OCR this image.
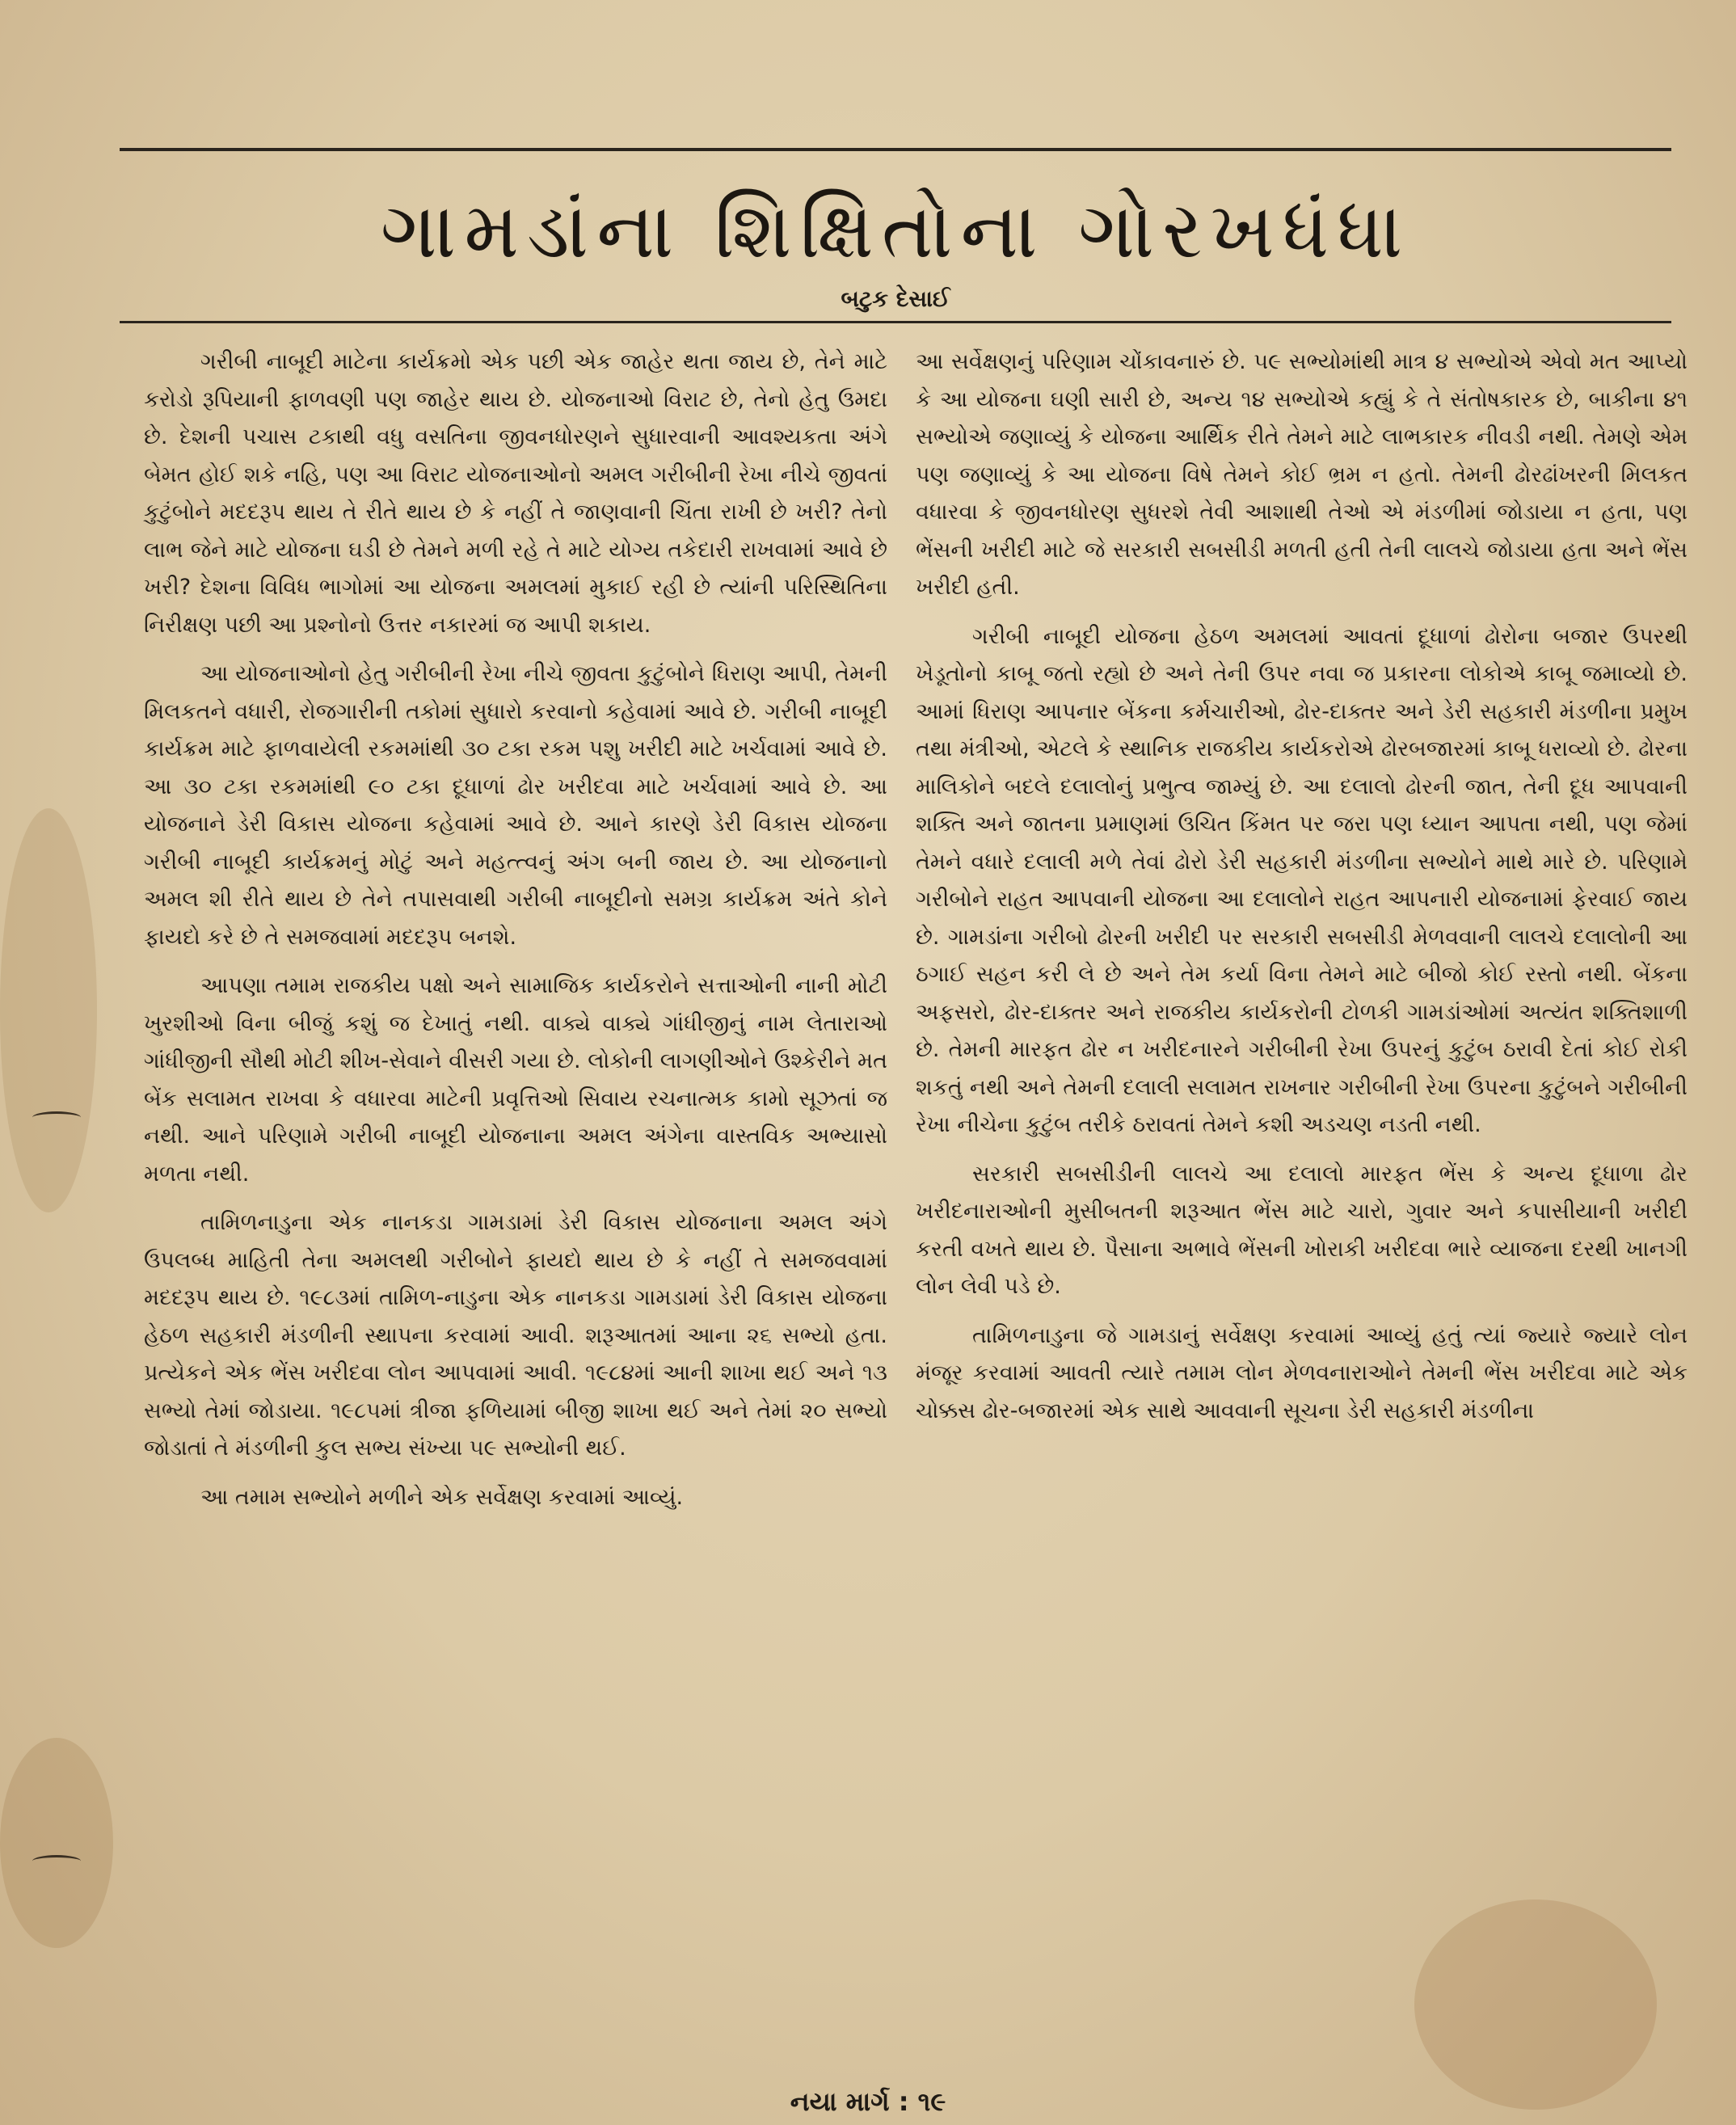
ગામડાંના શિક્ષિતોના ગોરખધંધા
બટુક દેસાઈ

ગરીબી નાબૂદી માટેના કાર્યક્રમો એક પછી એક જાહેર થતા જાય છે, તેને માટે કરોડો રૂપિયાની ફાળવણી પણ જાહેર થાય છે. યોજનાઓ વિરાટ છે, તેનો હેતુ ઉમદા છે. દેશની પચાસ ટકાથી વધુ વસતિના જીવનધોરણને સુધારવાની આવશ્યકતા અંગે બેમત હોઈ શકે નહિ, પણ આ વિરાટ યોજનાઓનો અમલ ગરીબીની રેખા નીચે જીવતાં કુટુંબોને મદદરૂપ થાય તે રીતે થાય છે કે નહીં તે જાણવાની ચિંતા રાખી છે ખરી? તેનો લાભ જેને માટે યોજના ઘડી છે તેમને મળી રહે તે માટે યોગ્ય તકેદારી રાખવામાં આવે છે ખરી? દેશના વિવિધ ભાગોમાં આ યોજના અમલમાં મુકાઈ રહી છે ત્યાંની પરિસ્થિતિના નિરીક્ષણ પછી આ પ્રશ્નોનો ઉત્તર નકારમાં જ આપી શકાય.

આ યોજનાઓનો હેતુ ગરીબીની રેખા નીચે જીવતા કુટુંબોને ધિરાણ આપી, તેમની મિલકતને વધારી, રોજગારીની તકોમાં સુધારો કરવાનો કહેવામાં આવે છે. ગરીબી નાબૂદી કાર્યક્રમ માટે ફાળવાયેલી રકમમાંથી ૩૦ ટકા રકમ પશુ ખરીદી માટે ખર્ચવામાં આવે છે. આ ૩૦ ટકા રકમમાંથી ૯૦ ટકા દૂધાળાં ઢોર ખરીદવા માટે ખર્ચવામાં આવે છે. આ યોજનાને ડેરી વિકાસ યોજના કહેવામાં આવે છે. આને કારણે ડેરી વિકાસ યોજના ગરીબી નાબૂદી કાર્યક્રમનું મોટું અને મહત્ત્વનું અંગ બની જાય છે. આ યોજનાનો અમલ શી રીતે થાય છે તેને તપાસવાથી ગરીબી નાબૂદીનો સમગ્ર કાર્યક્રમ અંતે કોને ફાયદો કરે છે તે સમજવામાં મદદરૂપ બનશે.

આપણા તમામ રાજકીય પક્ષો અને સામાજિક કાર્યકરોને સત્તાઓની નાની મોટી ખુરશીઓ વિના બીજું કશું જ દેખાતું નથી. વાક્યે વાક્યે ગાંધીજીનું નામ લેતારાઓ ગાંધીજીની સૌથી મોટી શીખ-સેવાને વીસરી ગયા છે. લોકોની લાગણીઓને ઉશ્કેરીને મત બેંક સલામત રાખવા કે વધારવા માટેની પ્રવૃત્તિઓ સિવાય રચનાત્મક કામો સૂઝતાં જ નથી. આને પરિણામે ગરીબી નાબૂદી યોજનાના અમલ અંગેના વાસ્તવિક અભ્યાસો મળતા નથી.

તામિળનાડુના એક નાનકડા ગામડામાં ડેરી વિકાસ યોજનાના અમલ અંગે ઉપલબ્ધ માહિતી તેના અમલથી ગરીબોને ફાયદો થાય છે કે નહીં તે સમજવવામાં મદદરૂપ થાય છે. ૧૯૮૩માં તામિળ-નાડુના એક નાનકડા ગામડામાં ડેરી વિકાસ યોજના હેઠળ સહકારી મંડળીની સ્થાપના કરવામાં આવી. શરૂઆતમાં આના ૨૬ સભ્યો હતા. પ્રત્યેકને એક ભેંસ ખરીદવા લોન આપવામાં આવી. ૧૯૮૪માં આની શાખા થઈ અને ૧૩ સભ્યો તેમાં જોડાયા. ૧૯૮૫માં ત્રીજા ફળિયામાં બીજી શાખા થઈ અને તેમાં ૨૦ સભ્યો જોડાતાં તે મંડળીની કુલ સભ્ય સંખ્યા ૫૯ સભ્યોની થઈ.

આ તમામ સભ્યોને મળીને એક સર્વેક્ષણ કરવામાં આવ્યું.

આ સર્વેક્ષણનું પરિણામ ચોંકાવનારું છે. ૫૯ સભ્યોમાંથી માત્ર ૪ સભ્યોએ એવો મત આપ્યો કે આ યોજના ઘણી સારી છે, અન્ય ૧૪ સભ્યોએ કહ્યું કે તે સંતોષકારક છે, બાકીના ૪૧ સભ્યોએ જણાવ્યું કે યોજના આર્થિક રીતે તેમને માટે લાભકારક નીવડી નથી. તેમણે એમ પણ જણાવ્યું કે આ યોજના વિષે તેમને કોઈ ભ્રમ ન હતો. તેમની ઢોરઢાંખરની મિલકત વધારવા કે જીવનધોરણ સુધરશે તેવી આશાથી તેઓ એ મંડળીમાં જોડાયા ન હતા, પણ ભેંસની ખરીદી માટે જે સરકારી સબસીડી મળતી હતી તેની લાલચે જોડાયા હતા અને ભેંસ ખરીદી હતી.

ગરીબી નાબૂદી યોજના હેઠળ અમલમાં આવતાં દૂધાળાં ઢોરોના બજાર ઉપરથી ખેડૂતોનો કાબૂ જતો રહ્યો છે અને તેની ઉપર નવા જ પ્રકારના લોકોએ કાબૂ જમાવ્યો છે. આમાં ધિરાણ આપનાર બેંકના કર્મચારીઓ, ઢોર-દાક્તર અને ડેરી સહકારી મંડળીના પ્રમુખ તથા મંત્રીઓ, એટલે કે સ્થાનિક રાજકીય કાર્યકરોએ ઢોરબજારમાં કાબૂ ધરાવ્યો છે. ઢોરના માલિકોને બદલે દલાલોનું પ્રભુત્વ જામ્યું છે. આ દલાલો ઢોરની જાત, તેની દૂધ આપવાની શક્તિ અને જાતના પ્રમાણમાં ઉચિત કિંમત પર જરા પણ ધ્યાન આપતા નથી, પણ જેમાં તેમને વધારે દલાલી મળે તેવાં ઢોરો ડેરી સહકારી મંડળીના સભ્યોને માથે મારે છે. પરિણામે ગરીબોને રાહત આપવાની યોજના આ દલાલોને રાહત આપનારી યોજનામાં ફેરવાઈ જાય છે. ગામડાંના ગરીબો ઢોરની ખરીદી પર સરકારી સબસીડી મેળવવાની લાલચે દલાલોની આ ઠગાઈ સહન કરી લે છે અને તેમ કર્યા વિના તેમને માટે બીજો કોઈ રસ્તો નથી. બેંકના અફસરો, ઢોર-દાક્તર અને રાજકીય કાર્યકરોની ટોળકી ગામડાંઓમાં અત્યંત શક્તિશાળી છે. તેમની મારફત ઢોર ન ખરીદનારને ગરીબીની રેખા ઉપરનું કુટુંબ ઠરાવી દેતાં કોઈ રોકી શકતું નથી અને તેમની દલાલી સલામત રાખનાર ગરીબીની રેખા ઉપરના કુટુંબને ગરીબીની રેખા નીચેના કુટુંબ તરીકે ઠરાવતાં તેમને કશી અડચણ નડતી નથી.

સરકારી સબસીડીની લાલચે આ દલાલો મારફત ભેંસ કે અન્ય દૂધાળા ઢોર ખરીદનારાઓની મુસીબતની શરૂઆત ભેંસ માટે ચારો, ગુવાર અને કપાસીયાની ખરીદી કરતી વખતે થાય છે. પૈસાના અભાવે ભેંસની ખોરાકી ખરીદવા ભારે વ્યાજના દરથી ખાનગી લોન લેવી પડે છે.

તામિળનાડુના જે ગામડાનું સર્વેક્ષણ કરવામાં આવ્યું હતું ત્યાં જ્યારે જ્યારે લોન મંજૂર કરવામાં આવતી ત્યારે તમામ લોન મેળવનારાઓને તેમની ભેંસ ખરીદવા માટે એક ચોક્કસ ઢોર-બજારમાં એક સાથે આવવાની સૂચના ડેરી સહકારી મંડળીના

નયા માર્ગ : ૧૯
